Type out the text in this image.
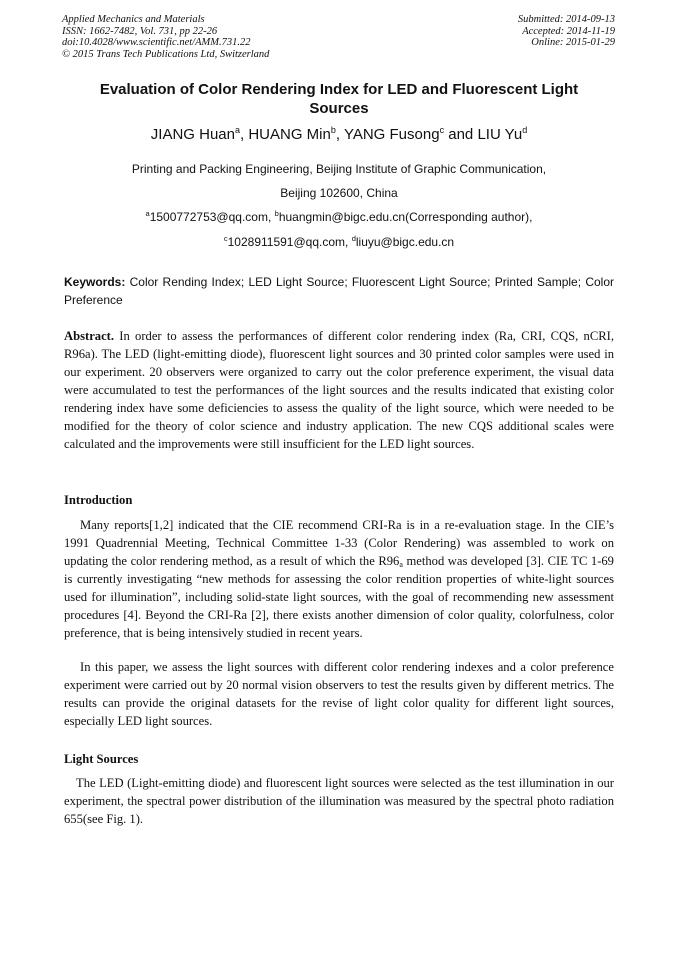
Applied Mechanics and Materials
ISSN: 1662-7482, Vol. 731, pp 22-26
doi:10.4028/www.scientific.net/AMM.731.22
© 2015 Trans Tech Publications Ltd, Switzerland
Submitted: 2014-09-13
Accepted: 2014-11-19
Online: 2015-01-29
Evaluation of Color Rendering Index for LED and Fluorescent Light Sources
JIANG Huan$^a$, HUANG Min$^b$, YANG Fusong$^c$ and LIU Yu$^d$
Printing and Packing Engineering, Beijing Institute of Graphic Communication,
Beijing 102600, China
$^a$1500772753@qq.com, $^b$huangmin@bigc.edu.cn(Corresponding author),
$^c$1028911591@qq.com, $^d$liuyu@bigc.edu.cn
Keywords: Color Rending Index; LED Light Source; Fluorescent Light Source; Printed Sample; Color Preference
Abstract. In order to assess the performances of different color rendering index (Ra, CRI, CQS, nCRI, R96a). The LED (light-emitting diode), fluorescent light sources and 30 printed color samples were used in our experiment. 20 observers were organized to carry out the color preference experiment, the visual data were accumulated to test the performances of the light sources and the results indicated that existing color rendering index have some deficiencies to assess the quality of the light source, which were needed to be modified for the theory of color science and industry application. The new CQS additional scales were calculated and the improvements were still insufficient for the LED light sources.
Introduction
Many reports[1,2] indicated that the CIE recommend CRI-Ra is in a re-evaluation stage. In the CIE’s 1991 Quadrennial Meeting, Technical Committee 1-33 (Color Rendering) was assembled to work on updating the color rendering method, as a result of which the $R96_a$ method was developed [3]. CIE TC 1-69 is currently investigating “new methods for assessing the color rendition properties of white-light sources used for illumination”, including solid-state light sources, with the goal of recommending new assessment procedures [4]. Beyond the CRI-Ra [2], there exists another dimension of color quality, colorfulness, color preference, that is being intensively studied in recent years.
In this paper, we assess the light sources with different color rendering indexes and a color preference experiment were carried out by 20 normal vision observers to test the results given by different metrics. The results can provide the original datasets for the revise of light color quality for different light sources, especially LED light sources.
Light Sources
The LED (Light-emitting diode) and fluorescent light sources were selected as the test illumination in our experiment, the spectral power distribution of the illumination was measured by the spectral photo radiation 655(see Fig. 1).
